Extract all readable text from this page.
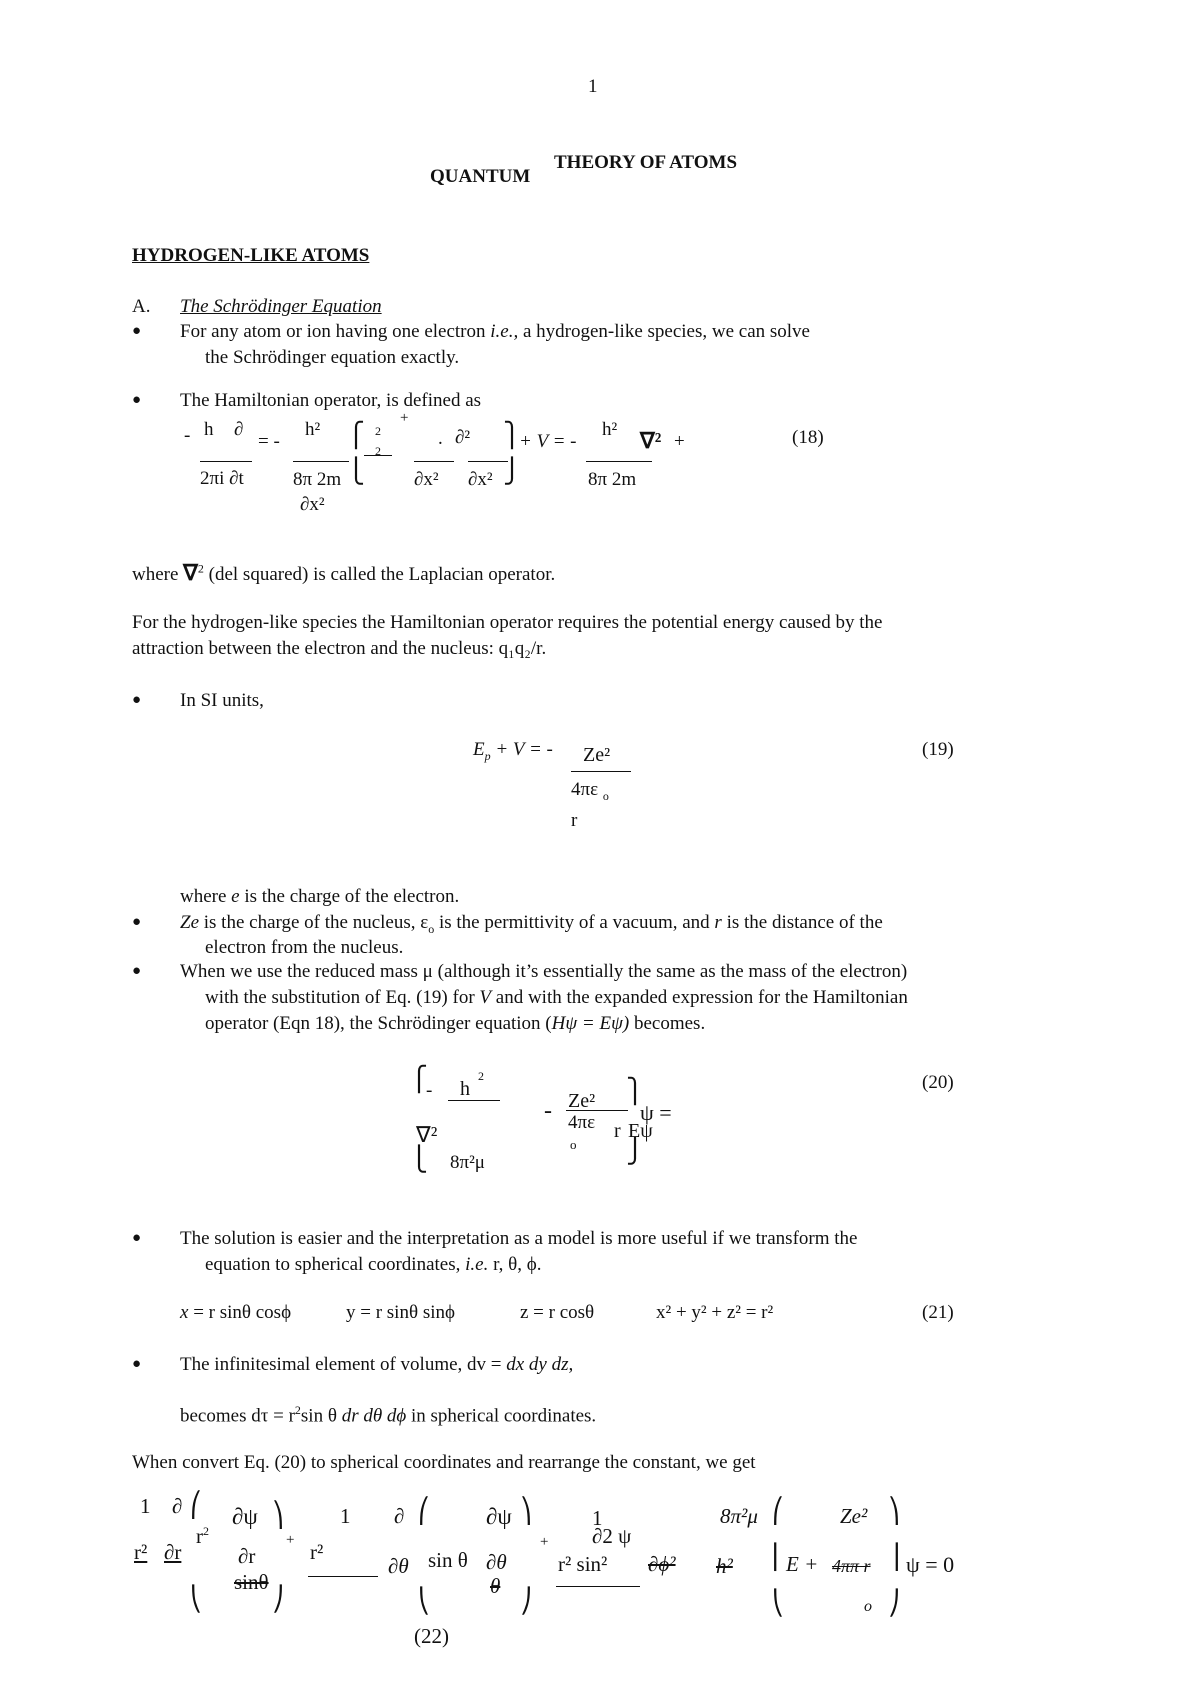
1
QUANTUM
THEORY OF ATOMS
HYDROGEN-LIKE ATOMS
A. The Schrödinger Equation
● For any atom or ion having one electron i.e., a hydrogen-like species, we can solve
the Schrödinger equation exactly.
● The Hamiltonian operator, is defined as
- h ∂
2πi ∂t
= -
h²
8π 2m
∂x²
⎧
⎩
2
2
+
. ∂²
∂x² ∂x²
⎫
⎭
+ V = -
h² ∇² +
8π 2m
(18)
where ∇$^2$ (del squared) is called the Laplacian operator.
For the hydrogen-like species the Hamiltonian operator requires the potential energy caused by the
attraction between the electron and the nucleus: q₁q₂/r.
● In SI units,
$E_p + V$ = - Ze²
4πε $_o$
r
(19)
where e is the charge of the electron.
● Ze is the charge of the nucleus, $\varepsilon_o$ is the permittivity of a vacuum, and r is the distance of the
electron from the nucleus.
● When we use the reduced mass μ (although it’s essentially the same as the mass of the electron)
with the substitution of Eq. (19) for V and with the expanded expression for the Hamiltonian
operator (Eqn 18), the Schrödinger equation (Hψ = Eψ) becomes.
⎧
- h
2
∇²
⎩ 8π²μ
- Ze²
4πε
o
r Eψ
⎫
⎭
ψ =
(20)
● The solution is easier and the interpretation as a model is more useful if we transform the
equation to spherical coordinates, i.e. r, θ, ϕ.
x = r sinθ cosϕ	y = r sinθ sinϕ	z = r cosθ	x² + y² + z² = r²	(21)
● The infinitesimal element of volume, dv = dx dy dz,
becomes $d\tau = r^2\sin$ θ dr dθ dϕ in spherical coordinates.
When convert Eq. (20) to spherical coordinates and rearrange the constant, we get
1 ∂ ⎛
r² ∂r
$r^2$
∂ψ ⎞
∂r
sinθ
⎝	⎠
+
1
r²
∂ ⎛
∂θ
∂ψ
sin θ ∂θ
θ
⎝
⎞
⎠
+
1
∂2 ψ
r² sin² ∂ϕ²
8π²μ
h²
⎛
⎜
⎝
E +
Ze²
4ππ r
o
⎞
⎟
⎠
ψ = 0
(22)
